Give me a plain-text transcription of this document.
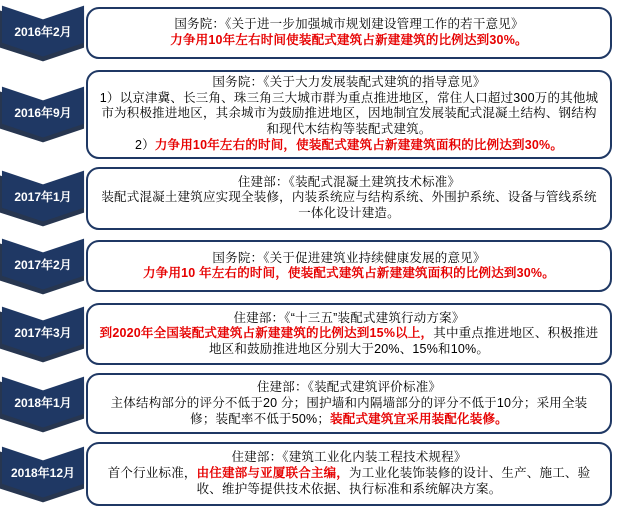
2016年2月

国务院：《关于进一步加强城市规划建设管理工作的若干意见》

力争用10年左右时间使装配式建筑占新建建筑的比例达到30%。

2016年9月

国务院：《关于大力发展装配式建筑的指导意见》

1）以京津冀、长三角、珠三角三大城市群为重点推进地区，常住人口超过300万的其他城市为积极推进地区，其余城市为鼓励推进地区，因地制宜发展装配式混凝土结构、钢结构和现代木结构等装配式建筑。

2）力争用10年左右的时间，使装配式建筑占新建建筑面积的比例达到30%。

2017年1月

住建部：《装配式混凝土建筑技术标准》

装配式混凝土建筑应实现全装修，内装系统应与结构系统、外围护系统、设备与管线系统一体化设计建造。

2017年2月

国务院：《关于促进建筑业持续健康发展的意见》

力争用10 年左右的时间，使装配式建筑占新建建筑面积的比例达到30%。

2017年3月

住建部：《“十三五”装配式建筑行动方案》

到2020年全国装配式建筑占新建建筑的比例达到15%以上，其中重点推进地区、积极推进地区和鼓励推进地区分别大于20%、15%和10%。

2018年1月

住建部：《装配式建筑评价标准》

主体结构部分的评分不低于20 分；围护墙和内隔墙部分的评分不低于10分；采用全装修；装配率不低于50%；装配式建筑宜采用装配化装修。

2018年12月

住建部：《建筑工业化内装工程技术规程》

首个行业标准，由住建部与亚厦联合主编，为工业化装饰装修的设计、生产、施工、验收、维护等提供技术依据、执行标准和系统解决方案。
